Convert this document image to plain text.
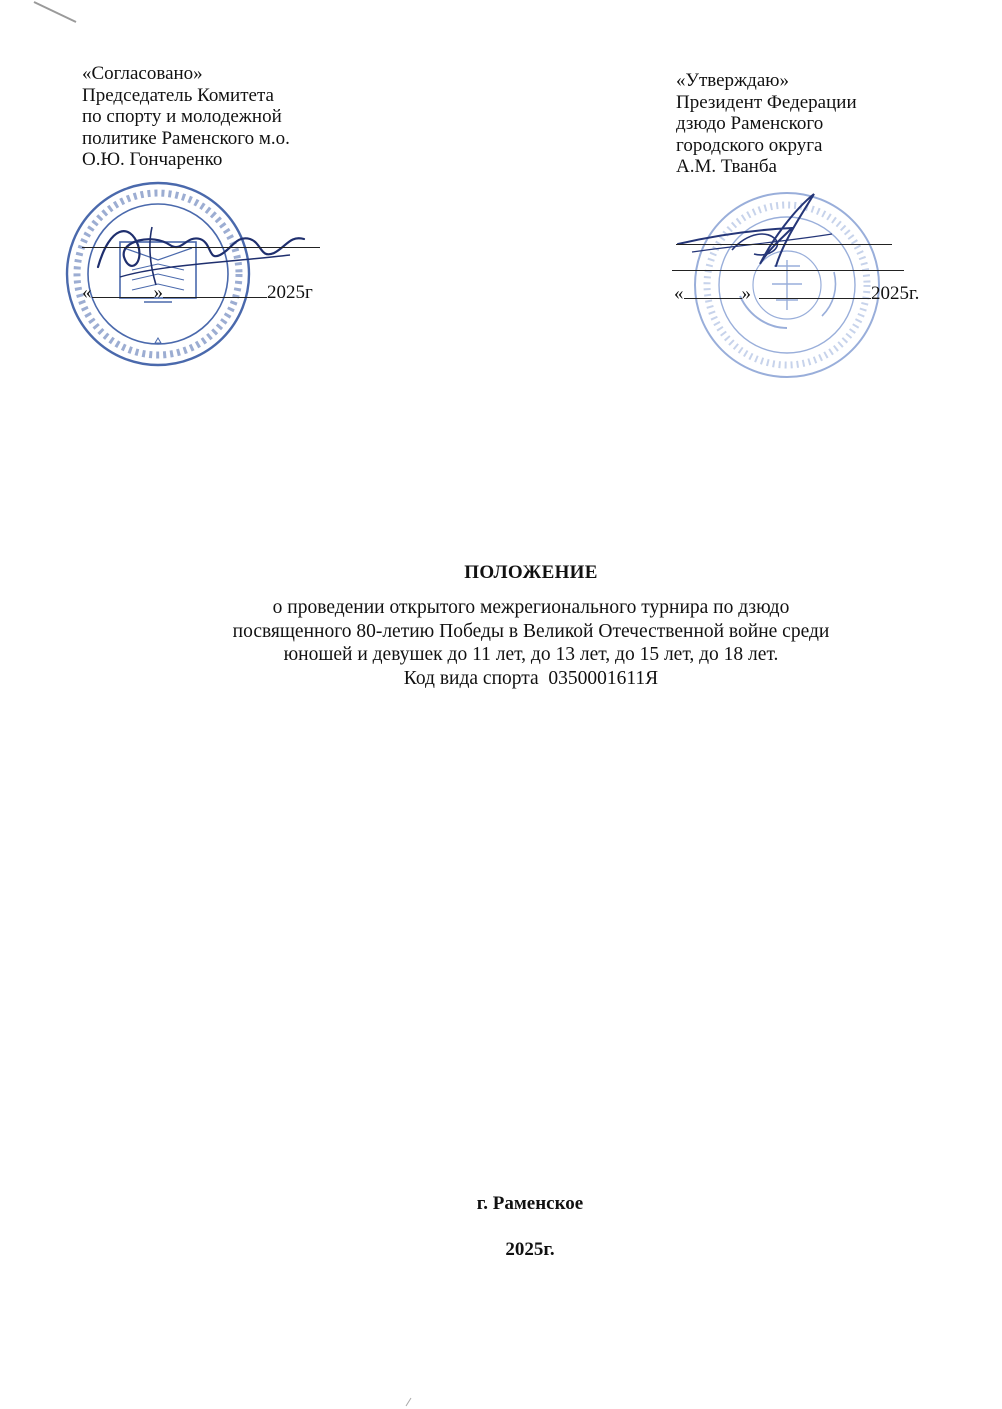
«Согласовано»
Председатель Комитета
по спорту и молодежной
политике Раменского м.о.
О.Ю. Гончаренко
«	»	2025г
«Утверждаю»
Президент Федерации
дзюдо Раменского
городского округа
А.М. Тванба
«	»	2025г.
ПОЛОЖЕНИЕ
о проведении открытого межрегионального турнира по дзюдо
посвященного 80-летию Победы в Великой Отечественной войне среди
юношей и девушек до 11 лет, до 13 лет, до 15 лет, до 18 лет.
Код вида спорта  0350001611Я
г. Раменское
2025г.
